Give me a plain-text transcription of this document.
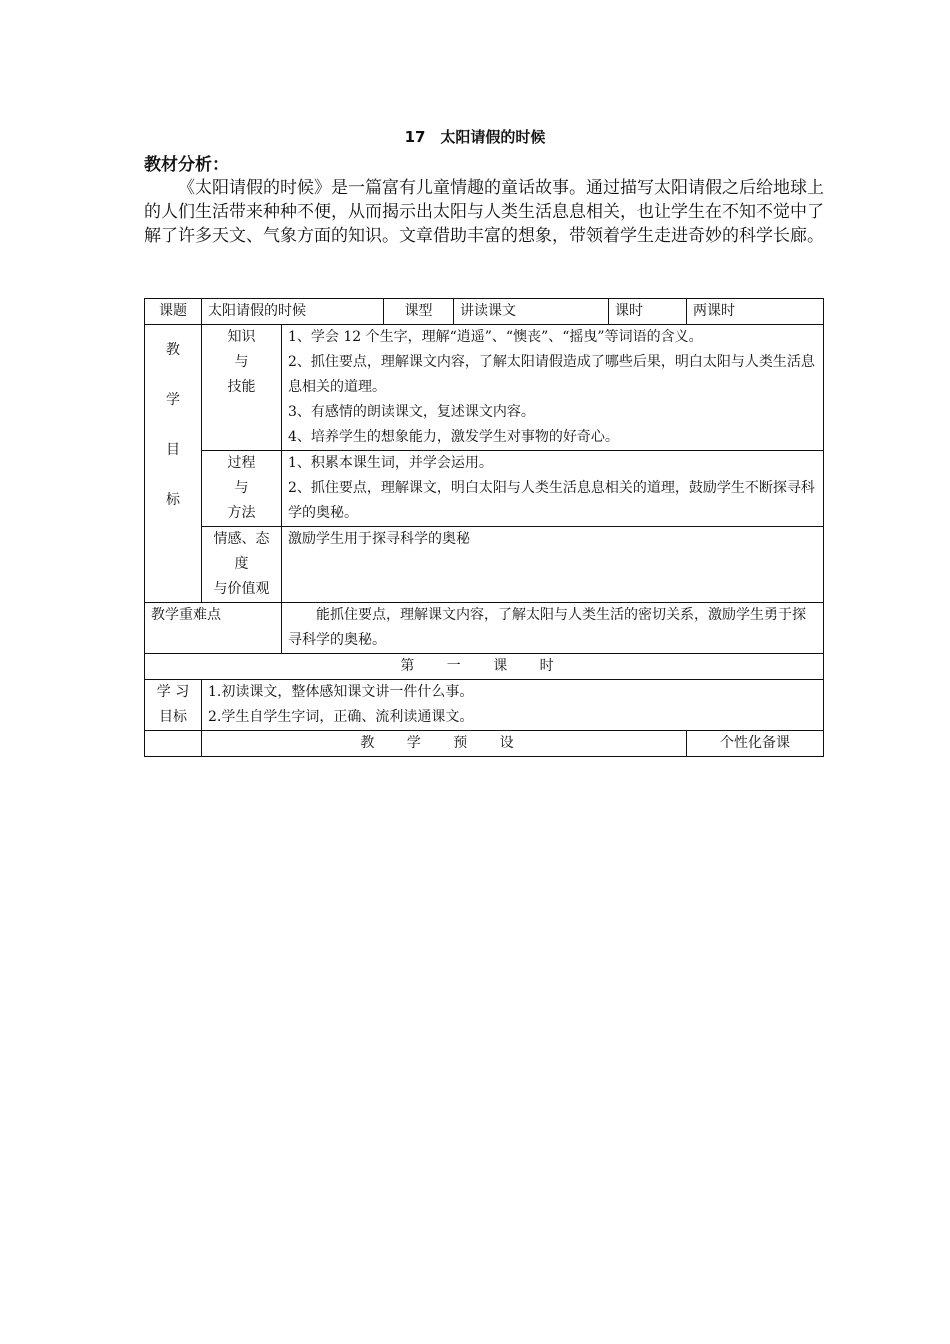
17　太阳请假的时候
教材分析：

《太阳请假的时候》是一篇富有儿童情趣的童话故事。通过描写太阳请假之后给地球上的人们生活带来种种不便，从而揭示出太阳与人类生活息息相关，也让学生在不知不觉中了解了许多天文、气象方面的知识。文章借助丰富的想象，带领着学生走进奇妙的科学长廊。

课题	太阳请假的时候		课型	讲读课文	课时	两课时

教
学
目
标	知识
与
技能	1、学会 12 个生字，理解“逍遥”、“懊丧”、“摇曳”等词语的含义。
2、抓住要点，理解课文内容，了解太阳请假造成了哪些后果，明白太阳与人类生活息息相关的道理。
3、有感情的朗读课文，复述课文内容。
4、培养学生的想象能力，激发学生对事物的好奇心。				

	过程
与
方法	1、积累本课生词，并学会运用。
2、抓住要点，理解课文，明白太阳与人类生活息息相关的道理，鼓励学生不断探寻科学的奥秘。				

	情感、态
度
与价值观	激励学生用于探寻科学的奥秘				
教学重难点		能抓住要点，理解课文内容，了解太阳与人类生活的密切关系，激励学生勇于探寻科学的奥秘。				
第 一 课 时						

学 习
目标	1.初读课文，整体感知课文讲一件什么事。
2.学生自学生字词，正确、流利读通课文。					

	教 学 预 设					个性化备课
